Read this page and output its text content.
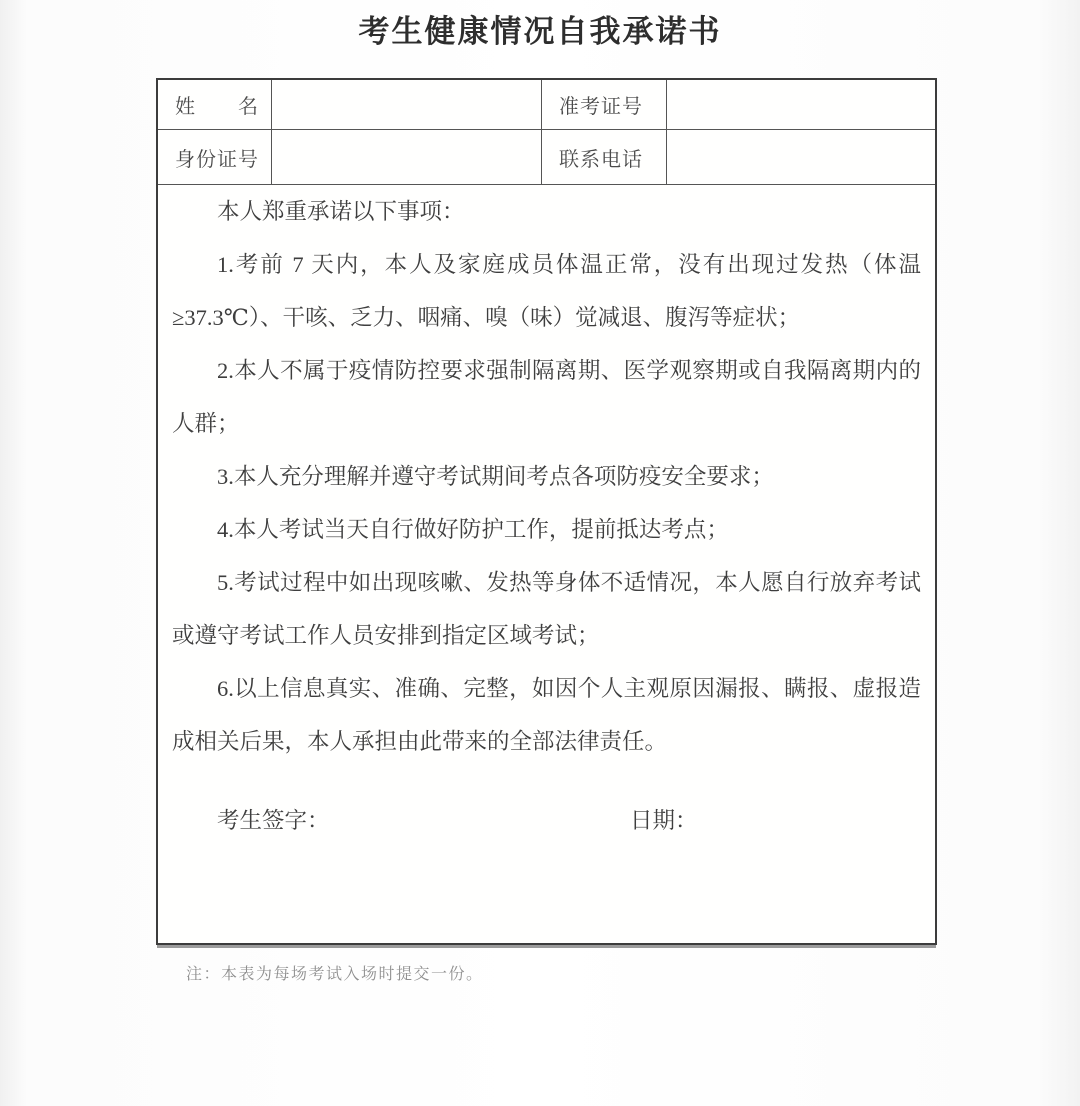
考生健康情况自我承诺书
姓　　名	准考证号
身份证号	联系电话

本人郑重承诺以下事项：

1.考前 7 天内，本人及家庭成员体温正常，没有出现过发热（体温≥37.3℃）、干咳、乏力、咽痛、嗅（味）觉减退、腹泻等症状；

2.本人不属于疫情防控要求强制隔离期、医学观察期或自我隔离期内的人群；

3.本人充分理解并遵守考试期间考点各项防疫安全要求；

4.本人考试当天自行做好防护工作，提前抵达考点；

5.考试过程中如出现咳嗽、发热等身体不适情况，本人愿自行放弃考试或遵守考试工作人员安排到指定区域考试；

6.以上信息真实、准确、完整，如因个人主观原因漏报、瞒报、虚报造成相关后果，本人承担由此带来的全部法律责任。

考生签字：	日期：

注：本表为每场考试入场时提交一份。
